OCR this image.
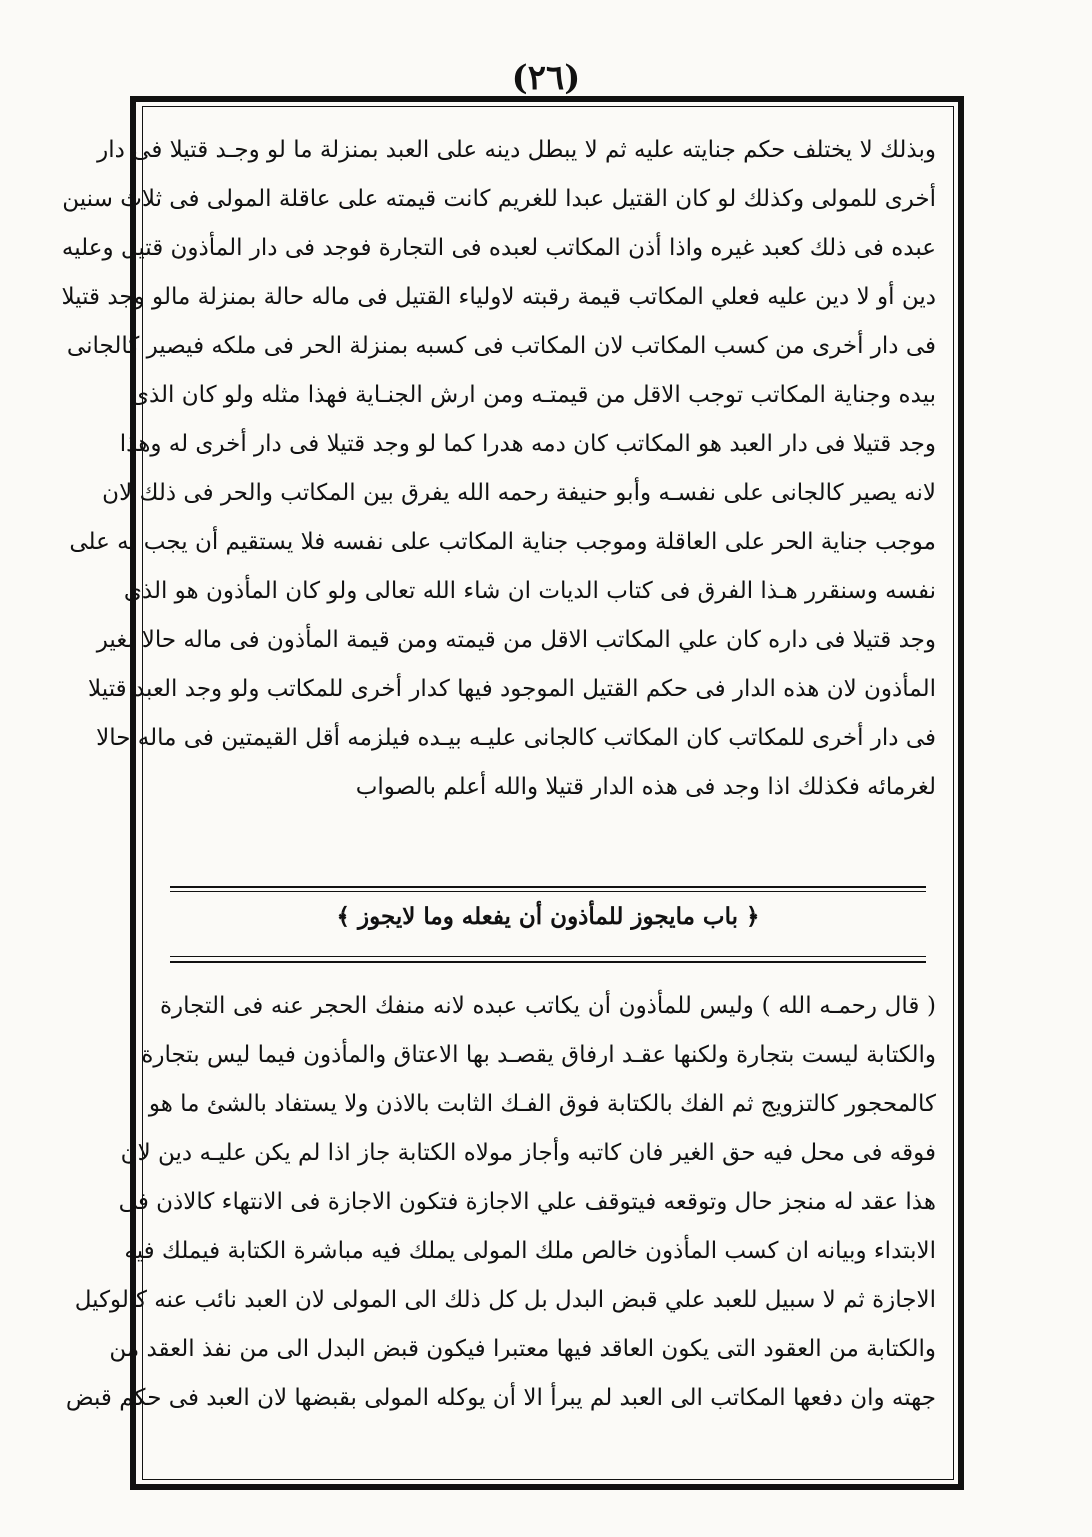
(٢٦)
وبذلك لا يختلف حكم جنايته عليه ثم لا يبطل دينه على العبد بمنزلة ما لو وجـد قتيلا فى دار
أخرى للمولى وكذلك لو كان القتيل عبدا للغريم كانت قيمته على عاقلة المولى فى ثلاث سنين
عبده فى ذلك كعبد غيره واذا أذن المكاتب لعبده فى التجارة فوجد فى دار المأذون قتيل وعليه
دين أو لا دين عليه فعلي المكاتب قيمة رقبته لاولياء القتيل فى ماله حالة بمنزلة مالو وجد قتيلا
فى دار أخرى من كسب المكاتب لان المكاتب فى كسبه بمنزلة الحر فى ملكه فيصير كالجانى
بيده وجناية المكاتب توجب الاقل من قيمتـه ومن ارش الجنـاية فهذا مثله ولو كان الذى
وجد قتيلا فى دار العبد هو المكاتب كان دمه هدرا كما لو وجد قتيلا فى دار أخرى له وهذا
لانه يصير كالجانى على نفسـه وأبو حنيفة رحمه الله يفرق بين المكاتب والحر فى ذلك لان
موجب جناية الحر على العاقلة وموجب جناية المكاتب على نفسه فلا يستقيم أن يجب له على
نفسه وسنقرر هـذا الفرق فى كتاب الديات ان شاء الله تعالى ولو كان المأذون هو الذى
وجد قتيلا فى داره كان علي المكاتب الاقل من قيمته ومن قيمة المأذون فى ماله حالا لغير
المأذون لان هذه الدار فى حكم القتيل الموجود فيها كدار أخرى للمكاتب ولو وجد العبد قتيلا
فى دار أخرى للمكاتب كان المكاتب كالجانى عليـه بيـده فيلزمه أقل القيمتين فى ماله حالا
لغرمائه فكذلك اذا وجد فى هذه الدار قتيلا والله أعلم بالصواب
﴿ باب مايجوز للمأذون أن يفعله وما لايجوز ﴾
( قال رحمـه الله ) وليس للمأذون أن يكاتب عبده لانه منفك الحجر عنه فى التجارة
والكتابة ليست بتجارة ولكنها عقـد ارفاق يقصـد بها الاعتاق والمأذون فيما ليس بتجارة
كالمحجور كالتزويج ثم الفك بالكتابة فوق الفـك الثابت بالاذن ولا يستفاد بالشئ ما هو
فوقه فى محل فيه حق الغير فان كاتبه وأجاز مولاه الكتابة جاز اذا لم يكن عليـه دين لان
هذا عقد له منجز حال وتوقعه فيتوقف علي الاجازة فتكون الاجازة فى الانتهاء كالاذن فى
الابتداء وبيانه ان كسب المأذون خالص ملك المولى يملك فيه مباشرة الكتابة فيملك فيه
الاجازة ثم لا سبيل للعبد علي قبض البدل بل كل ذلك الى المولى لان العبد نائب عنه كالوكيل
والكتابة من العقود التى يكون العاقد فيها معتبرا فيكون قبض البدل الى من نفذ العقد من
جهته وان دفعها المكاتب الى العبد لم يبرأ الا أن يوكله المولى بقبضها لان العبد فى حكم قبض
